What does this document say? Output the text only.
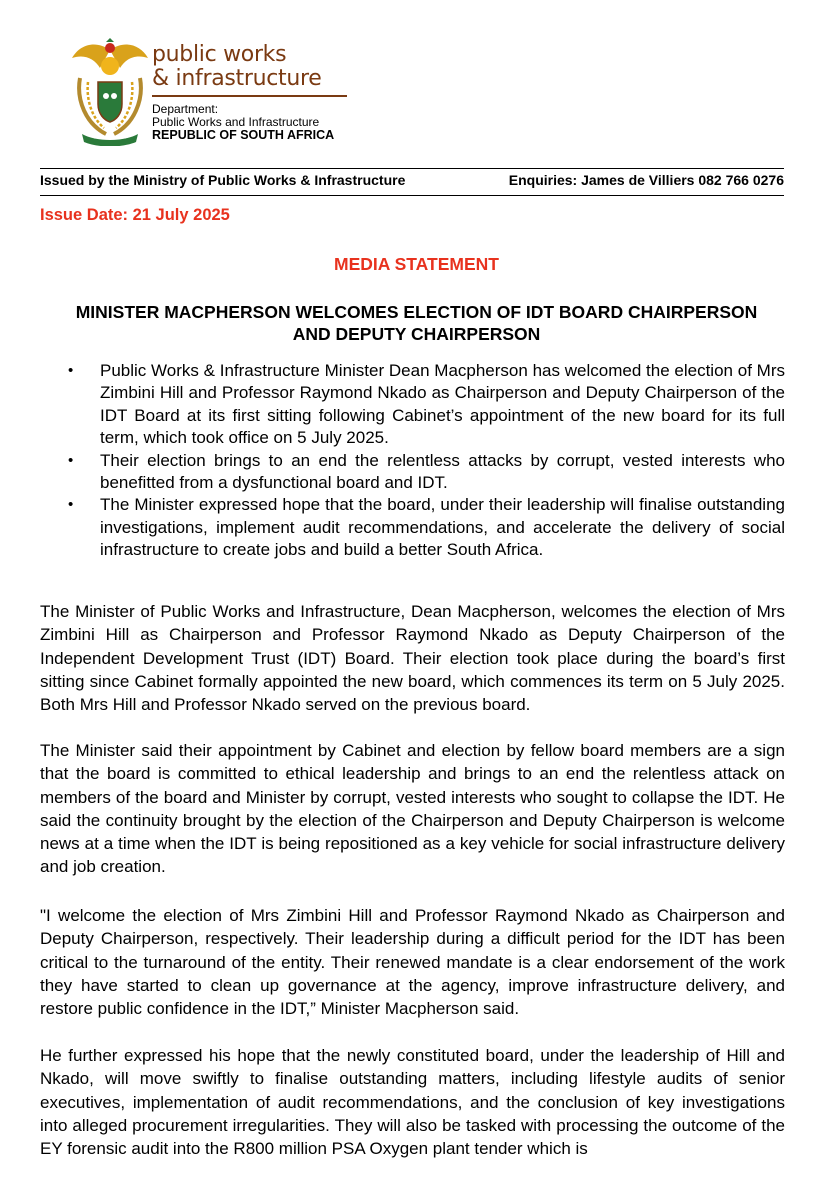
public works
& infrastructure
Department:
Public Works and Infrastructure
REPUBLIC OF SOUTH AFRICA
Issued by the Ministry of Public Works & Infrastructure	Enquiries: James de Villiers 082 766 0276
Issue Date: 21 July 2025
MEDIA STATEMENT
MINISTER MACPHERSON WELCOMES ELECTION OF IDT BOARD CHAIRPERSON AND DEPUTY CHAIRPERSON
• Public Works & Infrastructure Minister Dean Macpherson has welcomed the election of Mrs Zimbini Hill and Professor Raymond Nkado as Chairperson and Deputy Chairperson of the IDT Board at its first sitting following Cabinet’s appointment of the new board for its full term, which took office on 5 July 2025.
• Their election brings to an end the relentless attacks by corrupt, vested interests who benefitted from a dysfunctional board and IDT.
• The Minister expressed hope that the board, under their leadership will finalise outstanding investigations, implement audit recommendations, and accelerate the delivery of social infrastructure to create jobs and build a better South Africa.

The Minister of Public Works and Infrastructure, Dean Macpherson, welcomes the election of Mrs Zimbini Hill as Chairperson and Professor Raymond Nkado as Deputy Chairperson of the Independent Development Trust (IDT) Board. Their election took place during the board’s first sitting since Cabinet formally appointed the new board, which commences its term on 5 July 2025. Both Mrs Hill and Professor Nkado served on the previous board.

The Minister said their appointment by Cabinet and election by fellow board members are a sign that the board is committed to ethical leadership and brings to an end the relentless attack on members of the board and Minister by corrupt, vested interests who sought to collapse the IDT. He said the continuity brought by the election of the Chairperson and Deputy Chairperson is welcome news at a time when the IDT is being repositioned as a key vehicle for social infrastructure delivery and job creation.

"I welcome the election of Mrs Zimbini Hill and Professor Raymond Nkado as Chairperson and Deputy Chairperson, respectively. Their leadership during a difficult period for the IDT has been critical to the turnaround of the entity. Their renewed mandate is a clear endorsement of the work they have started to clean up governance at the agency, improve infrastructure delivery, and restore public confidence in the IDT,” Minister Macpherson said.

He further expressed his hope that the newly constituted board, under the leadership of Hill and Nkado, will move swiftly to finalise outstanding matters, including lifestyle audits of senior executives, implementation of audit recommendations, and the conclusion of key investigations into alleged procurement irregularities. They will also be tasked with processing the outcome of the EY forensic audit into the R800 million PSA Oxygen plant tender which is
